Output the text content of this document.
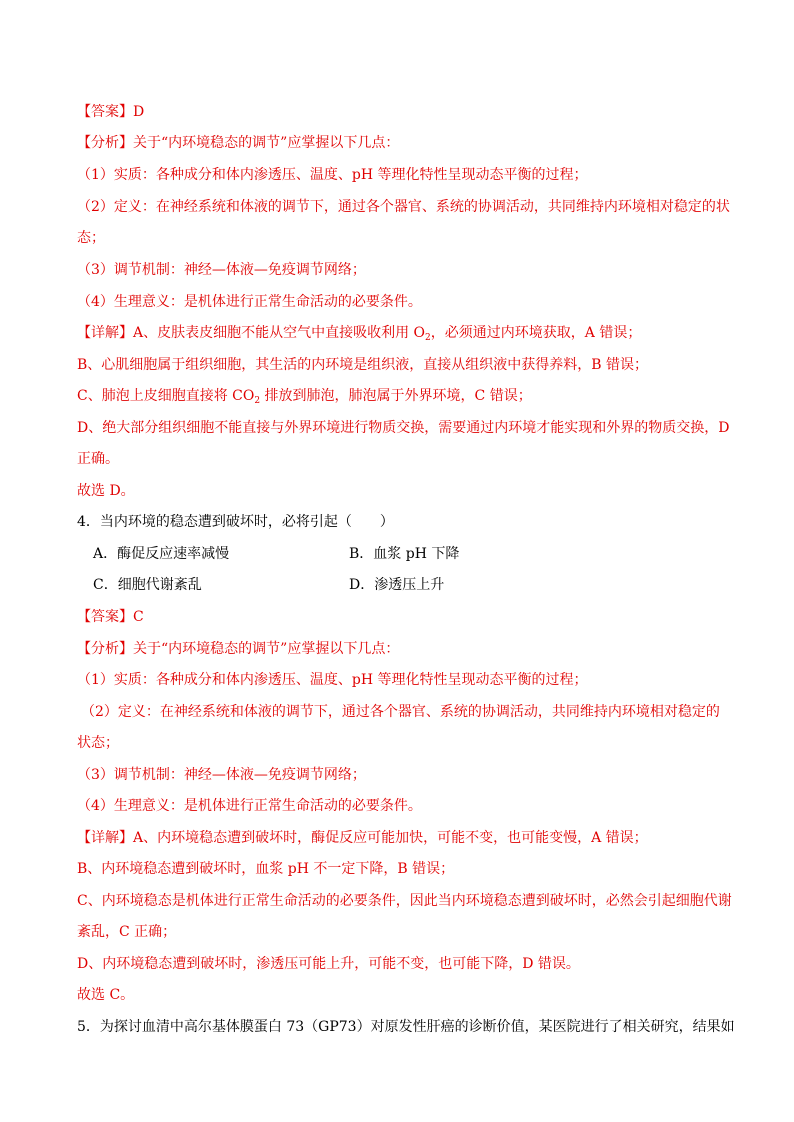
【答案】D
【分析】关于“内环境稳态的调节”应掌握以下几点：
（1）实质：各种成分和体内渗透压、温度、pH 等理化特性呈现动态平衡的过程；
（2）定义：在神经系统和体液的调节下，通过各个器官、系统的协调活动，共同维持内环境相对稳定的状
态；
（3）调节机制：神经—体液—免疫调节网络；
（4）生理意义：是机体进行正常生命活动的必要条件。
【详解】A、皮肤表皮细胞不能从空气中直接吸收利用 $O_2$，必须通过内环境获取，A 错误；
B、心肌细胞属于组织细胞，其生活的内环境是组织液，直接从组织液中获得养料，B 错误；
C、肺泡上皮细胞直接将 $CO_2$ 排放到肺泡，肺泡属于外界环境，C 错误；
D、绝大部分组织细胞不能直接与外界环境进行物质交换，需要通过内环境才能实现和外界的物质交换，D
正确。
故选 D。
4．当内环境的稳态遭到破坏时，必将引起（　　）
A．酶促反应速率减慢	B．血浆 pH 下降
C．细胞代谢紊乱	D．渗透压上升
【答案】C
【分析】关于“内环境稳态的调节”应掌握以下几点：
（1）实质：各种成分和体内渗透压、温度、pH 等理化特性呈现动态平衡的过程；
（2）定义：在神经系统和体液的调节下，通过各个器官、系统的协调活动，共同维持内环境相对稳定的
状态；
（3）调节机制：神经—体液—免疫调节网络；
（4）生理意义：是机体进行正常生命活动的必要条件。
【详解】A、内环境稳态遭到破坏时，酶促反应可能加快，可能不变，也可能变慢，A 错误；
B、内环境稳态遭到破坏时，血浆 pH 不一定下降，B 错误；
C、内环境稳态是机体进行正常生命活动的必要条件，因此当内环境稳态遭到破坏时，必然会引起细胞代谢
紊乱，C 正确；
D、内环境稳态遭到破坏时，渗透压可能上升，可能不变，也可能下降，D 错误。
故选 C。
5．为探讨血清中高尔基体膜蛋白 73（GP73）对原发性肝癌的诊断价值，某医院进行了相关研究，结果如
